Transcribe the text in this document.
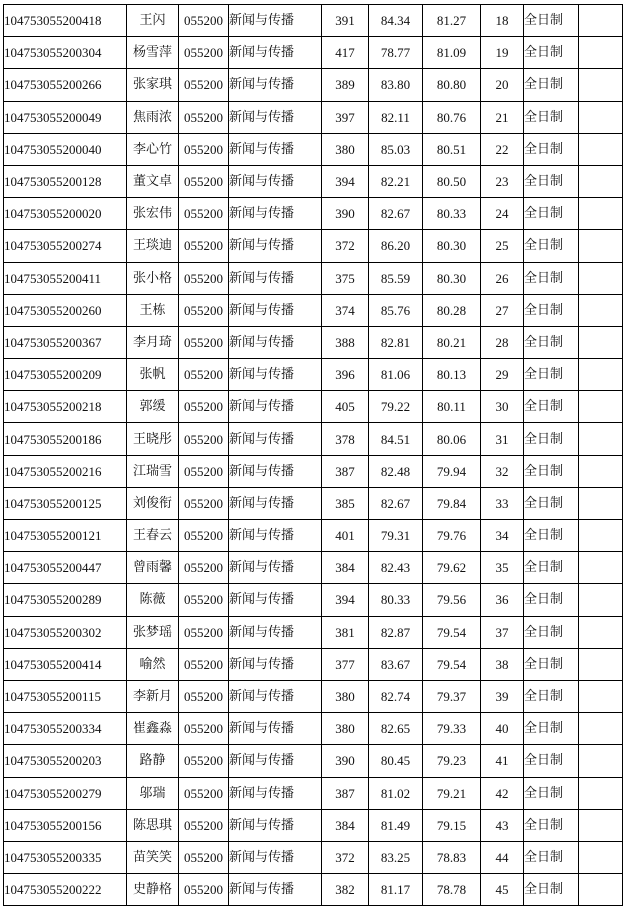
104753055200418	王闪	055200	新闻与传播	391	84.34	81.27	18	全日制	
104753055200304	杨雪萍	055200	新闻与传播	417	78.77	81.09	19	全日制	
104753055200266	张家琪	055200	新闻与传播	389	83.80	80.80	20	全日制	
104753055200049	焦雨浓	055200	新闻与传播	397	82.11	80.76	21	全日制	
104753055200040	李心竹	055200	新闻与传播	380	85.03	80.51	22	全日制	
104753055200128	董文卓	055200	新闻与传播	394	82.21	80.50	23	全日制	
104753055200020	张宏伟	055200	新闻与传播	390	82.67	80.33	24	全日制	
104753055200274	王琰迪	055200	新闻与传播	372	86.20	80.30	25	全日制	
104753055200411	张小格	055200	新闻与传播	375	85.59	80.30	26	全日制	
104753055200260	王栋	055200	新闻与传播	374	85.76	80.28	27	全日制	
104753055200367	李月琦	055200	新闻与传播	388	82.81	80.21	28	全日制	
104753055200209	张帆	055200	新闻与传播	396	81.06	80.13	29	全日制	
104753055200218	郭缓	055200	新闻与传播	405	79.22	80.11	30	全日制	
104753055200186	王晓彤	055200	新闻与传播	378	84.51	80.06	31	全日制	
104753055200216	江瑞雪	055200	新闻与传播	387	82.48	79.94	32	全日制	
104753055200125	刘俊衔	055200	新闻与传播	385	82.67	79.84	33	全日制	
104753055200121	王春云	055200	新闻与传播	401	79.31	79.76	34	全日制	
104753055200447	曾雨馨	055200	新闻与传播	384	82.43	79.62	35	全日制	
104753055200289	陈薇	055200	新闻与传播	394	80.33	79.56	36	全日制	
104753055200302	张梦瑶	055200	新闻与传播	381	82.87	79.54	37	全日制	
104753055200414	喻然	055200	新闻与传播	377	83.67	79.54	38	全日制	
104753055200115	李新月	055200	新闻与传播	380	82.74	79.37	39	全日制	
104753055200334	崔鑫淼	055200	新闻与传播	380	82.65	79.33	40	全日制	
104753055200203	路静	055200	新闻与传播	390	80.45	79.23	41	全日制	
104753055200279	邬瑞	055200	新闻与传播	387	81.02	79.21	42	全日制	
104753055200156	陈思琪	055200	新闻与传播	384	81.49	79.15	43	全日制	
104753055200335	苗笑笑	055200	新闻与传播	372	83.25	78.83	44	全日制	
104753055200222	史静格	055200	新闻与传播	382	81.17	78.78	45	全日制	
